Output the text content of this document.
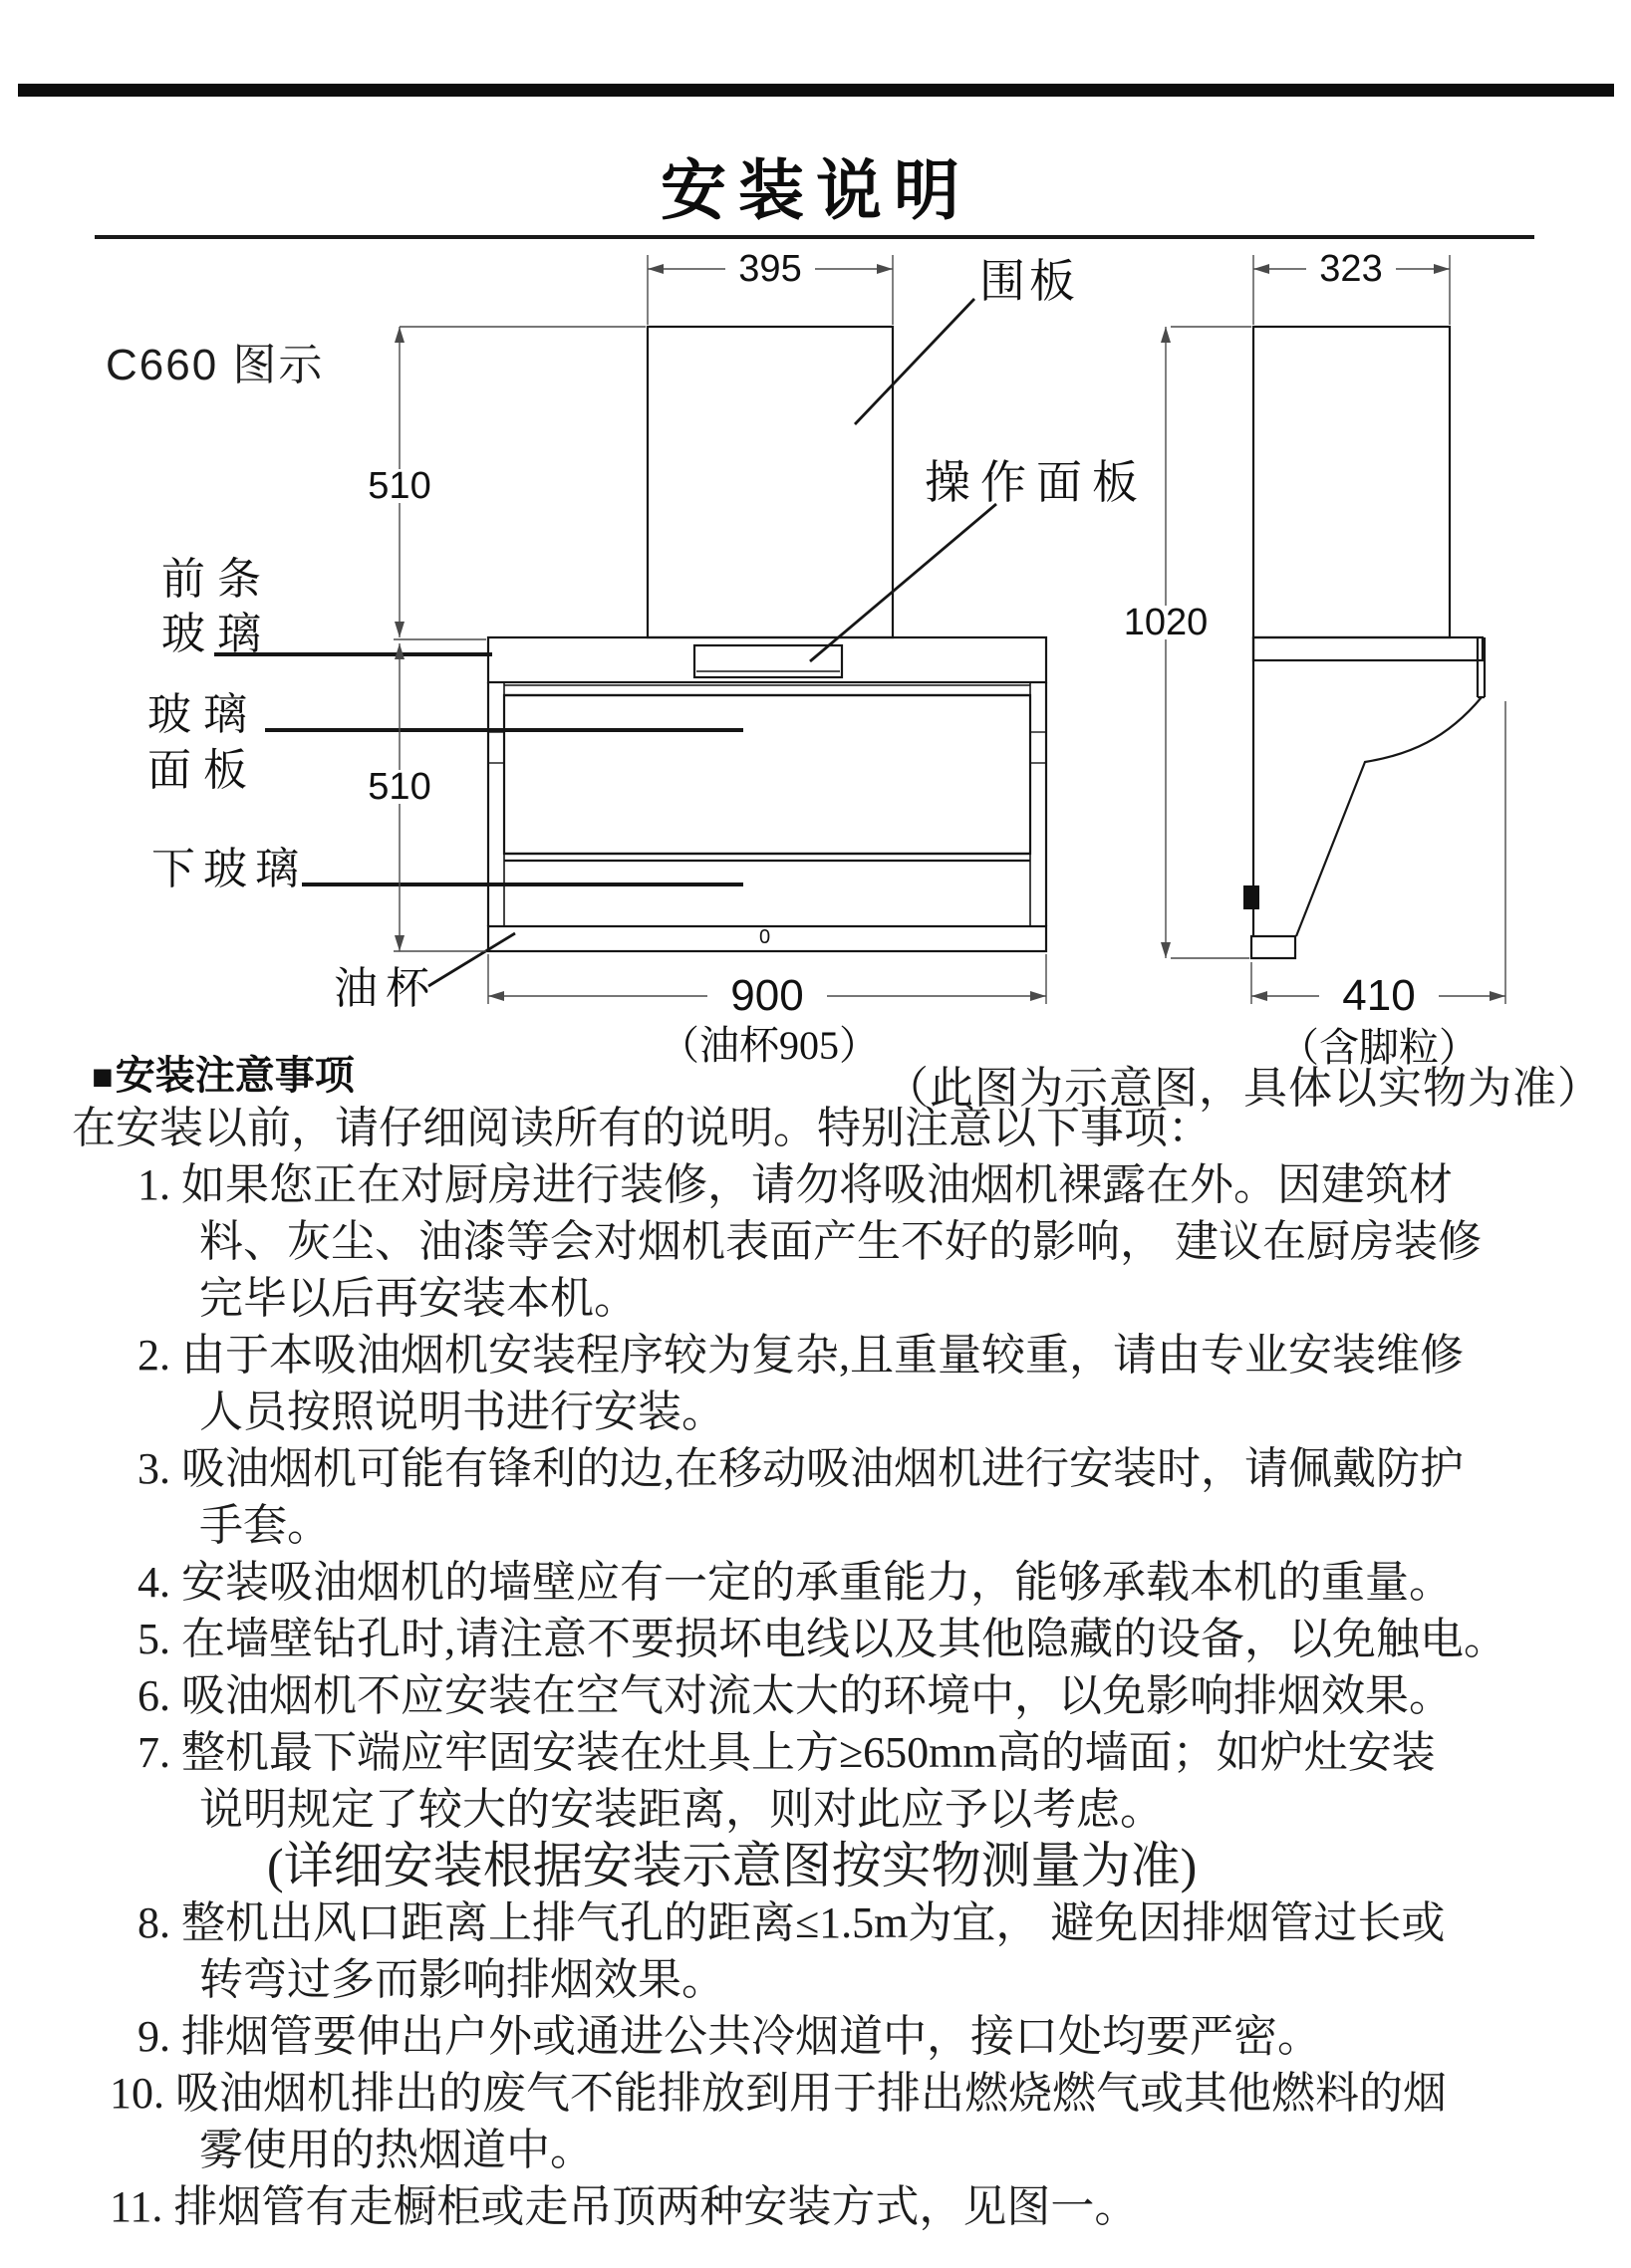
安装说明
C660 图示
395	323
510
510
1020
900	410
（油杯905）	（含脚粒）
围板
操作面板
前条
玻璃
玻璃
面板
下玻璃
油杯
0
（此图为示意图，具体以实物为准）
■安装注意事项
在安装以前，请仔细阅读所有的说明。特别注意以下事项：
1. 如果您正在对厨房进行装修，请勿将吸油烟机裸露在外。因建筑材
料、灰尘、油漆等会对烟机表面产生不好的影响， 建议在厨房装修
完毕以后再安装本机。
2. 由于本吸油烟机安装程序较为复杂,且重量较重，请由专业安装维修
人员按照说明书进行安装。
3. 吸油烟机可能有锋利的边,在移动吸油烟机进行安装时，请佩戴防护
手套。
4. 安装吸油烟机的墙壁应有一定的承重能力，能够承载本机的重量。
5. 在墙壁钻孔时,请注意不要损坏电线以及其他隐藏的设备，以免触电。
6. 吸油烟机不应安装在空气对流太大的环境中，以免影响排烟效果。
7. 整机最下端应牢固安装在灶具上方≥650mm高的墙面；如炉灶安装
说明规定了较大的安装距离，则对此应予以考虑。
(详细安装根据安装示意图按实物测量为准)
8. 整机出风口距离上排气孔的距离≤1.5m为宜， 避免因排烟管过长或
转弯过多而影响排烟效果。
9. 排烟管要伸出户外或通进公共冷烟道中，接口处均要严密。
10. 吸油烟机排出的废气不能排放到用于排出燃烧燃气或其他燃料的烟
雾使用的热烟道中。
11. 排烟管有走橱柜或走吊顶两种安装方式，见图一。
